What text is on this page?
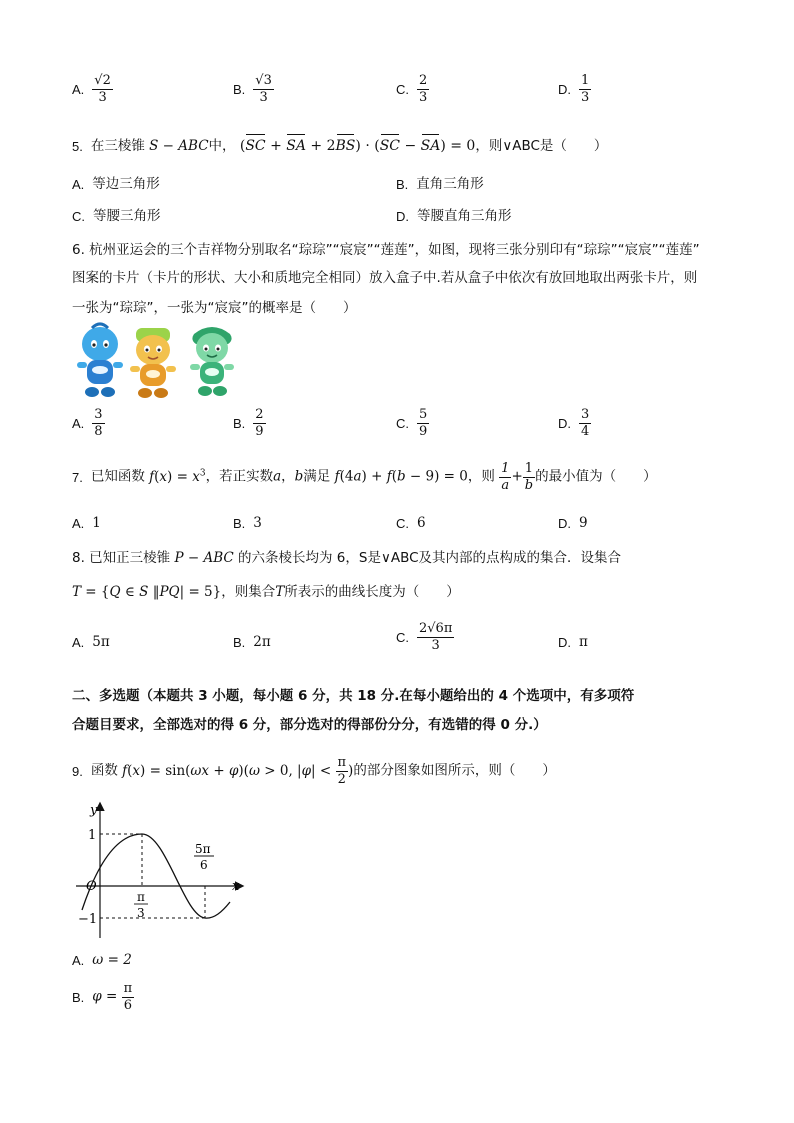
A. $\frac{√2}{3}$	B. $\frac{√3}{3}$	C. $\frac{2}{3}$	D. $\frac{1}{3}$
5. 在三棱锥 S − ABC中， (SC + SA + 2BS) · (SC − SA) = 0，则∨ABC是（　　）
A. 等边三角形	B. 直角三角形
C. 等腰三角形	D. 等腰直角三角形
6. 杭州亚运会的三个吉祥物分别取名“琮琮”“宸宸”“莲莲”，如图，现将三张分别印有“琮琮”“宸宸”“莲莲”
图案的卡片（卡片的形状、大小和质地完全相同）放入盒子中.若从盒子中依次有放回地取出两张卡片，则
一张为“琮琮”，一张为“宸宸”的概率是（　　）
A. $\frac{3}{8}$	B. $\frac{2}{9}$	C. $\frac{5}{9}$	D. $\frac{3}{4}$
7. 已知函数 $f(x) = x^3$，若正实数a，b满足 f(4a) + f(b − 9) = 0，则 $\frac{1}{a} + \frac{1}{b}$ 的最小值为（　　）
A. 1	B. 3	C. 6	D. 9
8. 已知正三棱锥 P − ABC 的六条棱长均为 6，S是∨ABC及其内部的点构成的集合．设集合
T = {Q ∈ S ‖PQ| = 5}，则集合T所表示的曲线长度为（　　）
A. 5π	B. 2π	C. $\frac{2√6\pi}{3}$	D. π
二、多选题（本题共 3 小题，每小题 6 分，共 18 分.在每小题给出的 4 个选项中，有多项符
合题目要求，全部选对的得 6 分，部分选对的得部份分分，有选错的得 0 分.）
9. 函数 f(x) = sin(ωx + φ)(ω > 0, $|\varphi| < \frac{\pi}{2}$ )的部分图象如图所示，则（　　）
y
x
O
1
−1
π
3
5π
6
A. ω = 2
B. $\varphi = \frac{\pi}{6}$
